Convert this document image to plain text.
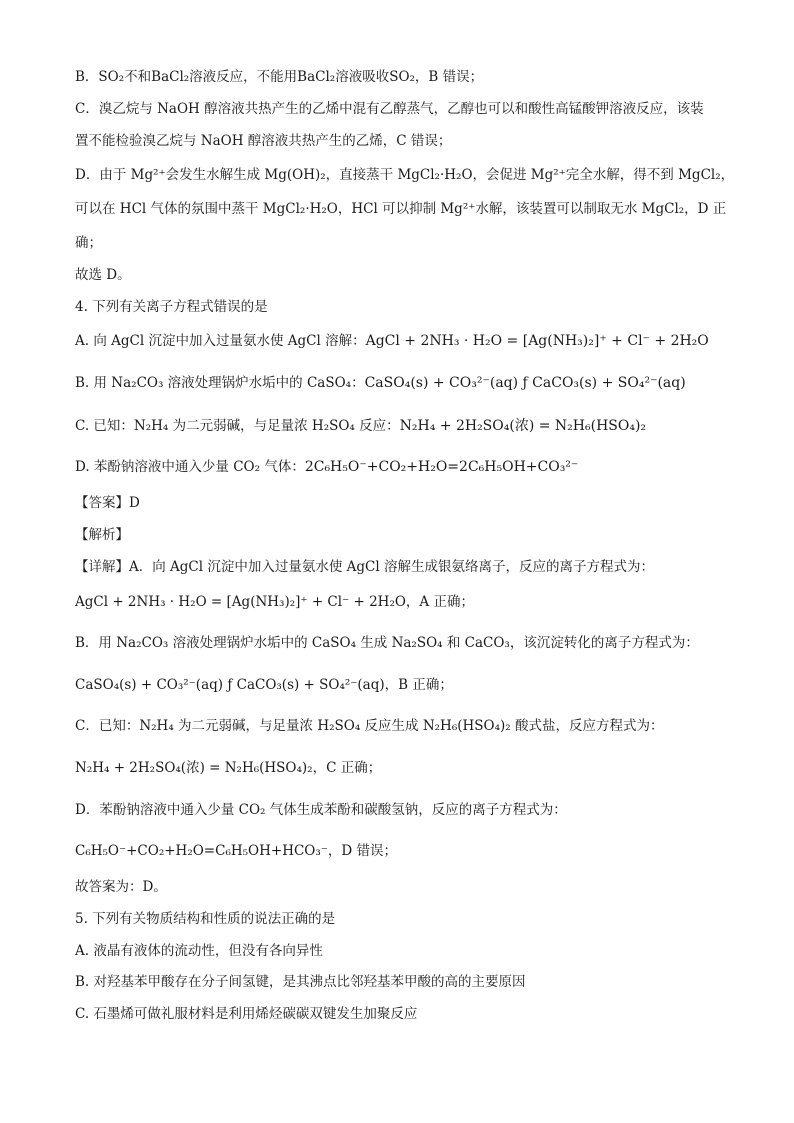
B．SO₂不和BaCl₂溶液反应，不能用BaCl₂溶液吸收SO₂，B 错误；
C．溴乙烷与 NaOH 醇溶液共热产生的乙烯中混有乙醇蒸气，乙醇也可以和酸性高锰酸钾溶液反应，该装
置不能检验溴乙烷与 NaOH 醇溶液共热产生的乙烯，C 错误；
D．由于 Mg²⁺会发生水解生成 Mg(OH)₂，直接蒸干 MgCl₂·H₂O，会促进 Mg²⁺完全水解，得不到 MgCl₂，
可以在 HCl 气体的氛围中蒸干 MgCl₂·H₂O，HCl 可以抑制 Mg²⁺水解，该装置可以制取无水 MgCl₂，D 正
确；
故选 D。
4. 下列有关离子方程式错误的是
A. 向 AgCl 沉淀中加入过量氨水使 AgCl 溶解：AgCl + 2NH₃ · H₂O = [Ag(NH₃)₂]⁺ + Cl⁻ + 2H₂O
B. 用 Na₂CO₃ 溶液处理锅炉水垢中的 CaSO₄：CaSO₄(s) + CO₃²⁻(aq) ƒ CaCO₃(s) + SO₄²⁻(aq)
C. 已知：N₂H₄ 为二元弱碱，与足量浓 H₂SO₄ 反应：N₂H₄ + 2H₂SO₄(浓) = N₂H₆(HSO₄)₂
D. 苯酚钠溶液中通入少量 CO₂ 气体：2C₆H₅O⁻+CO₂+H₂O=2C₆H₅OH+CO₃²⁻
【答案】D
【解析】
【详解】A．向 AgCl 沉淀中加入过量氨水使 AgCl 溶解生成银氨络离子，反应的离子方程式为：
AgCl + 2NH₃ · H₂O = [Ag(NH₃)₂]⁺ + Cl⁻ + 2H₂O，A 正确；
B．用 Na₂CO₃ 溶液处理锅炉水垢中的 CaSO₄ 生成 Na₂SO₄ 和 CaCO₃，该沉淀转化的离子方程式为：
CaSO₄(s) + CO₃²⁻(aq) ƒ CaCO₃(s) + SO₄²⁻(aq)，B 正确；
C．已知：N₂H₄ 为二元弱碱，与足量浓 H₂SO₄ 反应生成 N₂H₆(HSO₄)₂ 酸式盐，反应方程式为：
N₂H₄ + 2H₂SO₄(浓) = N₂H₆(HSO₄)₂，C 正确；
D．苯酚钠溶液中通入少量 CO₂ 气体生成苯酚和碳酸氢钠，反应的离子方程式为：
C₆H₅O⁻+CO₂+H₂O=C₆H₅OH+HCO₃⁻，D 错误；
故答案为：D。
5. 下列有关物质结构和性质的说法正确的是
A. 液晶有液体的流动性，但没有各向异性
B. 对羟基苯甲酸存在分子间氢键，是其沸点比邻羟基苯甲酸的高的主要原因
C. 石墨烯可做礼服材料是利用烯烃碳碳双键发生加聚反应
